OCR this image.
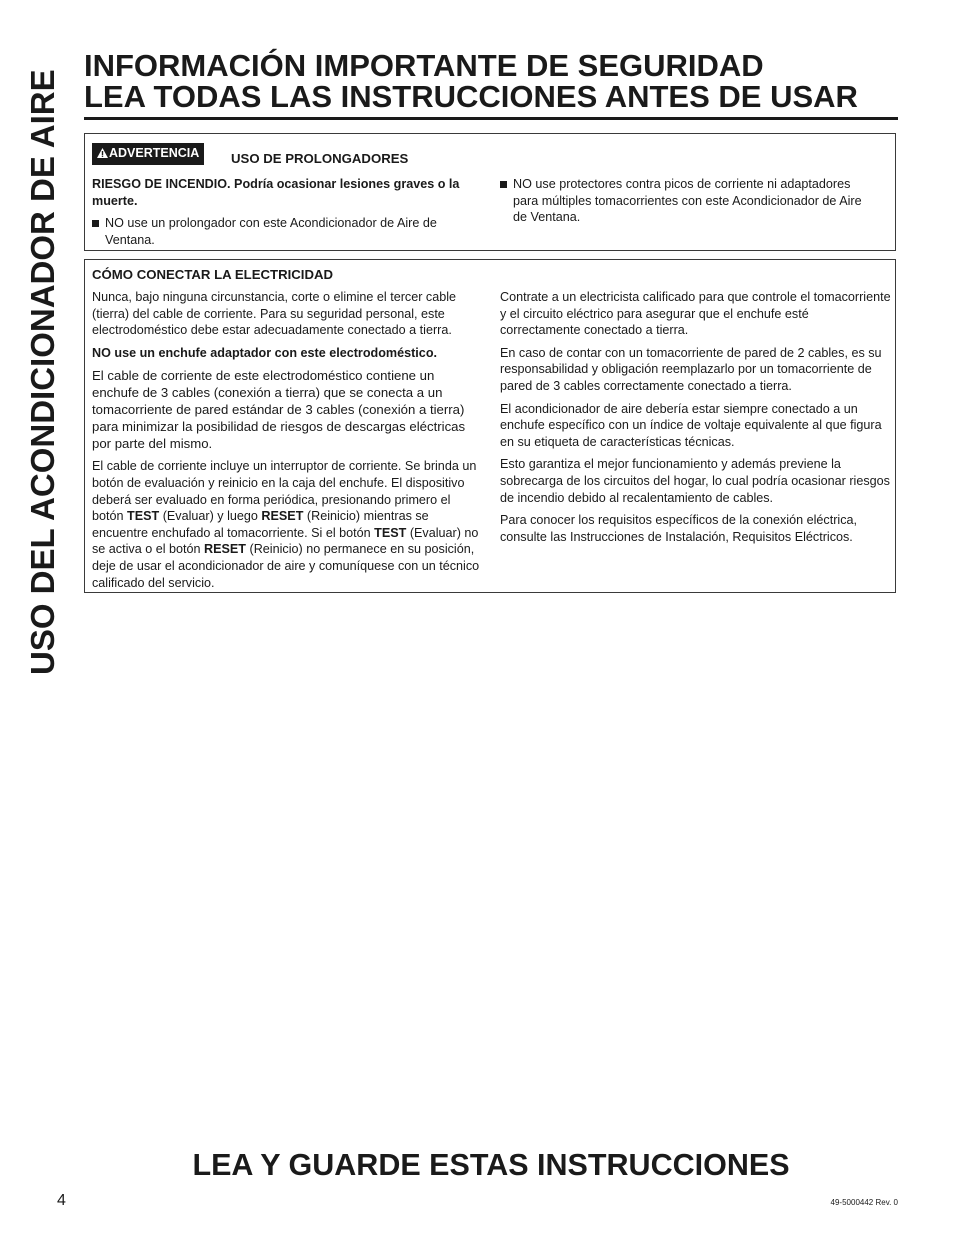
USO DEL ACONDICIONADOR DE AIRE
INFORMACIÓN IMPORTANTE DE SEGURIDAD
LEA TODAS LAS INSTRUCCIONES ANTES DE USAR
ADVERTENCIA	USO DE PROLONGADORES

RIESGO DE INCENDIO. Podría ocasionar lesiones graves o la muerte.

NO use un prolongador con este Acondicionador de Aire de Ventana.
NO use protectores contra picos de corriente ni adaptadores para múltiples tomacorrientes con este Acondicionador de Aire de Ventana.
CÓMO CONECTAR LA ELECTRICIDAD

Nunca, bajo ninguna circunstancia, corte o elimine el tercer cable (tierra) del cable de corriente. Para su seguridad personal, este electrodoméstico debe estar adecuadamente conectado a tierra.

NO use un enchufe adaptador con este electrodoméstico.

El cable de corriente de este electrodoméstico contiene un enchufe de 3 cables (conexión a tierra) que se conecta a un tomacorriente de pared estándar de 3 cables (conexión a tierra) para minimizar la posibilidad de riesgos de descargas eléctricas por parte del mismo.

El cable de corriente incluye un interruptor de corriente. Se brinda un botón de evaluación y reinicio en la caja del enchufe. El dispositivo deberá ser evaluado en forma periódica, presionando primero el botón TEST (Evaluar) y luego RESET (Reinicio) mientras se encuentre enchufado al tomacorriente. Si el botón TEST (Evaluar) no se activa o el botón RESET (Reinicio) no permanece en su posición, deje de usar el acondicionador de aire y comuníquese con un técnico calificado del servicio.

Contrate a un electricista calificado para que controle el tomacorriente y el circuito eléctrico para asegurar que el enchufe esté correctamente conectado a tierra.

En caso de contar con un tomacorriente de pared de 2 cables, es su responsabilidad y obligación reemplazarlo por un tomacorriente de pared de 3 cables correctamente conectado a tierra.

El acondicionador de aire debería estar siempre conectado a un enchufe específico con un índice de voltaje equivalente al que figura en su etiqueta de características técnicas.

Esto garantiza el mejor funcionamiento y además previene la sobrecarga de los circuitos del hogar, lo cual podría ocasionar riesgos de incendio debido al recalentamiento de cables.

Para conocer los requisitos específicos de la conexión eléctrica, consulte las Instrucciones de Instalación, Requisitos Eléctricos.

LEA Y GUARDE ESTAS INSTRUCCIONES
4	49-5000442 Rev. 0
